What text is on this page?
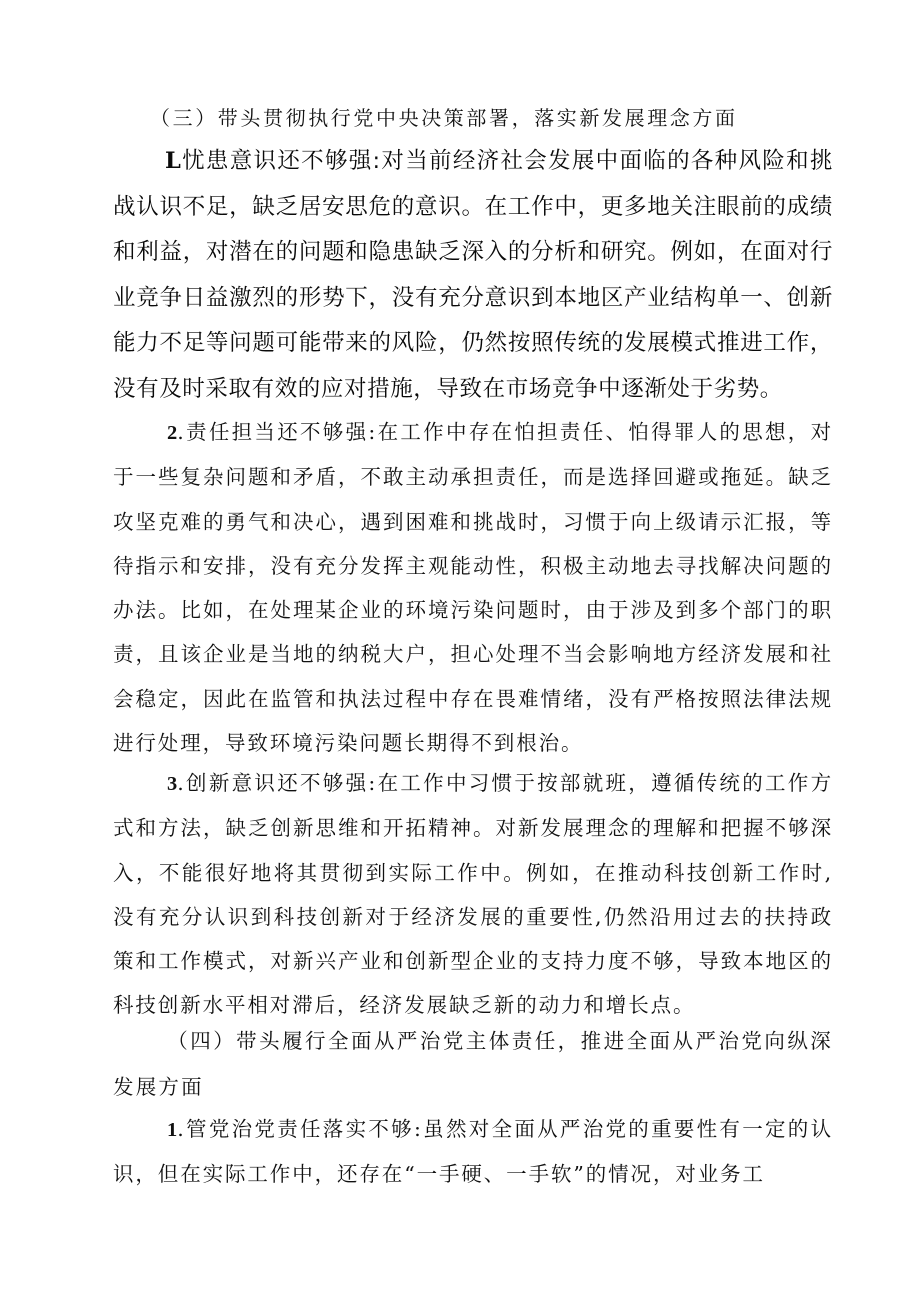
（三）带头贯彻执行党中央决策部署，落实新发展理念方面

L忧患意识还不够强:对当前经济社会发展中面临的各种风险和挑战认识不足，缺乏居安思危的意识。在工作中，更多地关注眼前的成绩和利益，对潜在的问题和隐患缺乏深入的分析和研究。例如，在面对行业竞争日益激烈的形势下，没有充分意识到本地区产业结构单一、创新能力不足等问题可能带来的风险，仍然按照传统的发展模式推进工作，没有及时采取有效的应对措施，导致在市场竞争中逐渐处于劣势。

2.责任担当还不够强:在工作中存在怕担责任、怕得罪人的思想，对于一些复杂问题和矛盾，不敢主动承担责任，而是选择回避或拖延。缺乏攻坚克难的勇气和决心，遇到困难和挑战时，习惯于向上级请示汇报，等待指示和安排，没有充分发挥主观能动性，积极主动地去寻找解决问题的办法。比如，在处理某企业的环境污染问题时，由于涉及到多个部门的职责，且该企业是当地的纳税大户，担心处理不当会影响地方经济发展和社会稳定，因此在监管和执法过程中存在畏难情绪，没有严格按照法律法规进行处理，导致环境污染问题长期得不到根治。

3.创新意识还不够强:在工作中习惯于按部就班，遵循传统的工作方式和方法，缺乏创新思维和开拓精神。对新发展理念的理解和把握不够深入，不能很好地将其贯彻到实际工作中。例如，在推动科技创新工作时,没有充分认识到科技创新对于经济发展的重要性,仍然沿用过去的扶持政策和工作模式，对新兴产业和创新型企业的支持力度不够，导致本地区的科技创新水平相对滞后，经济发展缺乏新的动力和增长点。

（四）带头履行全面从严治党主体责任，推进全面从严治党向纵深发展方面

1.管党治党责任落实不够:虽然对全面从严治党的重要性有一定的认识，但在实际工作中，还存在“一手硬、一手软”的情况，对业务工
